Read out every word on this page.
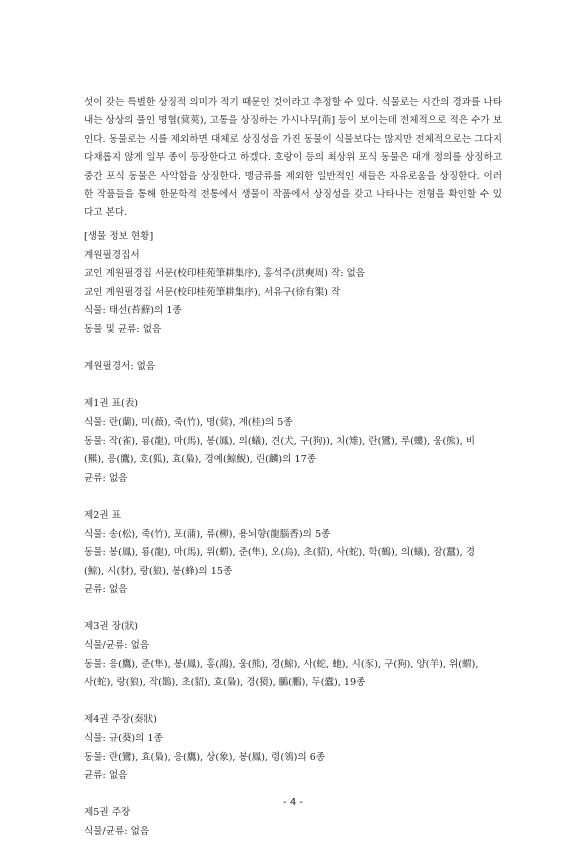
섯이 갖는 특별한 상징적 의미가 적기 때문인 것이라고 추정할 수 있다. 식물로는 시간의 경과를 나타내는 상상의 풀인 명협(蓂莢), 고통을 상징하는 가시나무[荊] 등이 보이는데 전체적으로 적은 수가 보인다. 동물로는 시를 제외하면 대체로 상징성을 가진 동물이 식물보다는 많지만 전체적으로는 그다지 다채롭지 않게 일부 종이 등장한다고 하겠다. 호랑이 등의 최상위 포식 동물은 대개 정의를 상징하고 중간 포식 동물은 사악함을 상징한다. 맹금류를 제외한 일반적인 새들은 자유로움을 상징한다. 이러한 작품들을 통해 한문학적 전통에서 생물이 작품에서 상징성을 갖고 나타나는 전형을 확인할 수 있다고 본다.

[생물 정보 현황]
계원필경집서
교인 계원필경집 서문(校印桂苑筆耕集序), 홍석주(洪奭周) 작: 없음
교인 계원필경집 서문(校印桂苑筆耕集序), 서유구(徐有榘) 작
식물: 태선(苔蘚)의 1종
동물 및 균류: 없음
계원필경서: 없음
제1권 표(表)
식물: 란(蘭), 미(薇), 죽(竹), 명(蓂), 계(桂)의 5종
동물: 작(雀), 룡(龍), 마(馬), 봉(鳳), 의(蟻), 견(犬, 구(狗)), 치(雉), 란(鸞), 루(螻), 웅(熊), 비
(羆), 응(鷹), 호(狐), 효(梟), 경예(鯨鯢), 린(麟)의 17종
균류: 없음
제2권 표
식물: 송(松), 죽(竹), 포(蒲), 류(柳), 용뇌향(龍腦香)의 5종
동물: 봉(鳳), 룡(龍), 마(馬), 위(蝟), 준(隼), 오(烏), 초(貂), 사(蛇), 학(鶴), 의(蟻), 잠(蠶), 경
(鯨), 시(豺), 랑(狼), 봉(蜂)의 15종
균류: 없음
제3권 장(狀)
식물/균류: 없음
동물: 응(鷹), 준(隼), 봉(鳳), 홍(鴻), 웅(熊), 경(鯨), 사(蛇, 虵), 시(豕), 구(狗), 양(羊), 위(蝟),
사(蛇), 랑(狼), 작(鵲), 초(貂), 효(梟), 경(獍), 鵩(鵬), 두(蠹), 19종
제4권 주장(奏狀)
식물: 규(葵)의 1종
동물: 란(鸞), 효(梟), 응(鷹), 상(象), 봉(鳳), 령(鴒)의 6종
균류: 없음
제5권 주장
식물/균류: 없음
- 4 -
